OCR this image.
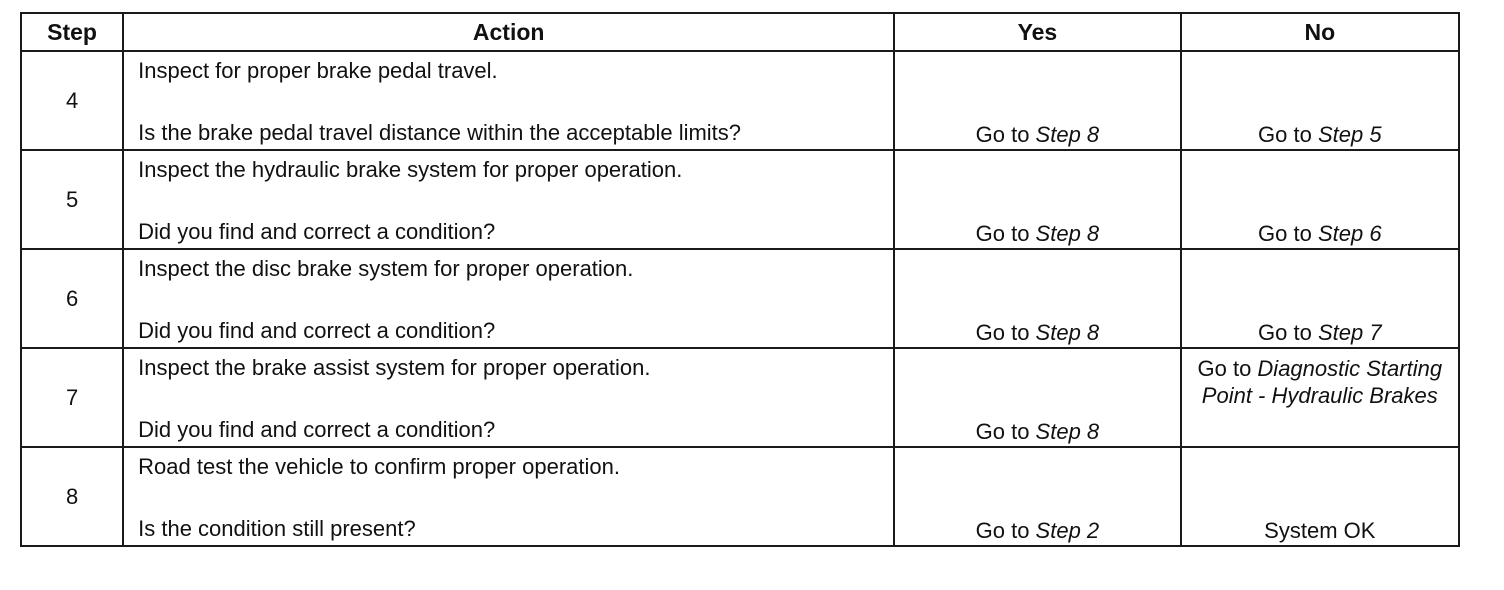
Step	Action	Yes	No
4	Inspect for proper brake pedal travel.
Is the brake pedal travel distance within the acceptable limits?	Go to Step 8	Go to Step 5

5	Inspect the hydraulic brake system for proper operation.
Did you find and correct a condition?	Go to Step 8	Go to Step 6

6	Inspect the disc brake system for proper operation.
Did you find and correct a condition?	Go to Step 8	Go to Step 7

7	Inspect the brake assist system for proper operation.
Did you find and correct a condition?	Go to Step 8	Go to Diagnostic Starting Point - Hydraulic Brakes

8	Road test the vehicle to confirm proper operation.
Is the condition still present?	Go to Step 2	System OK
